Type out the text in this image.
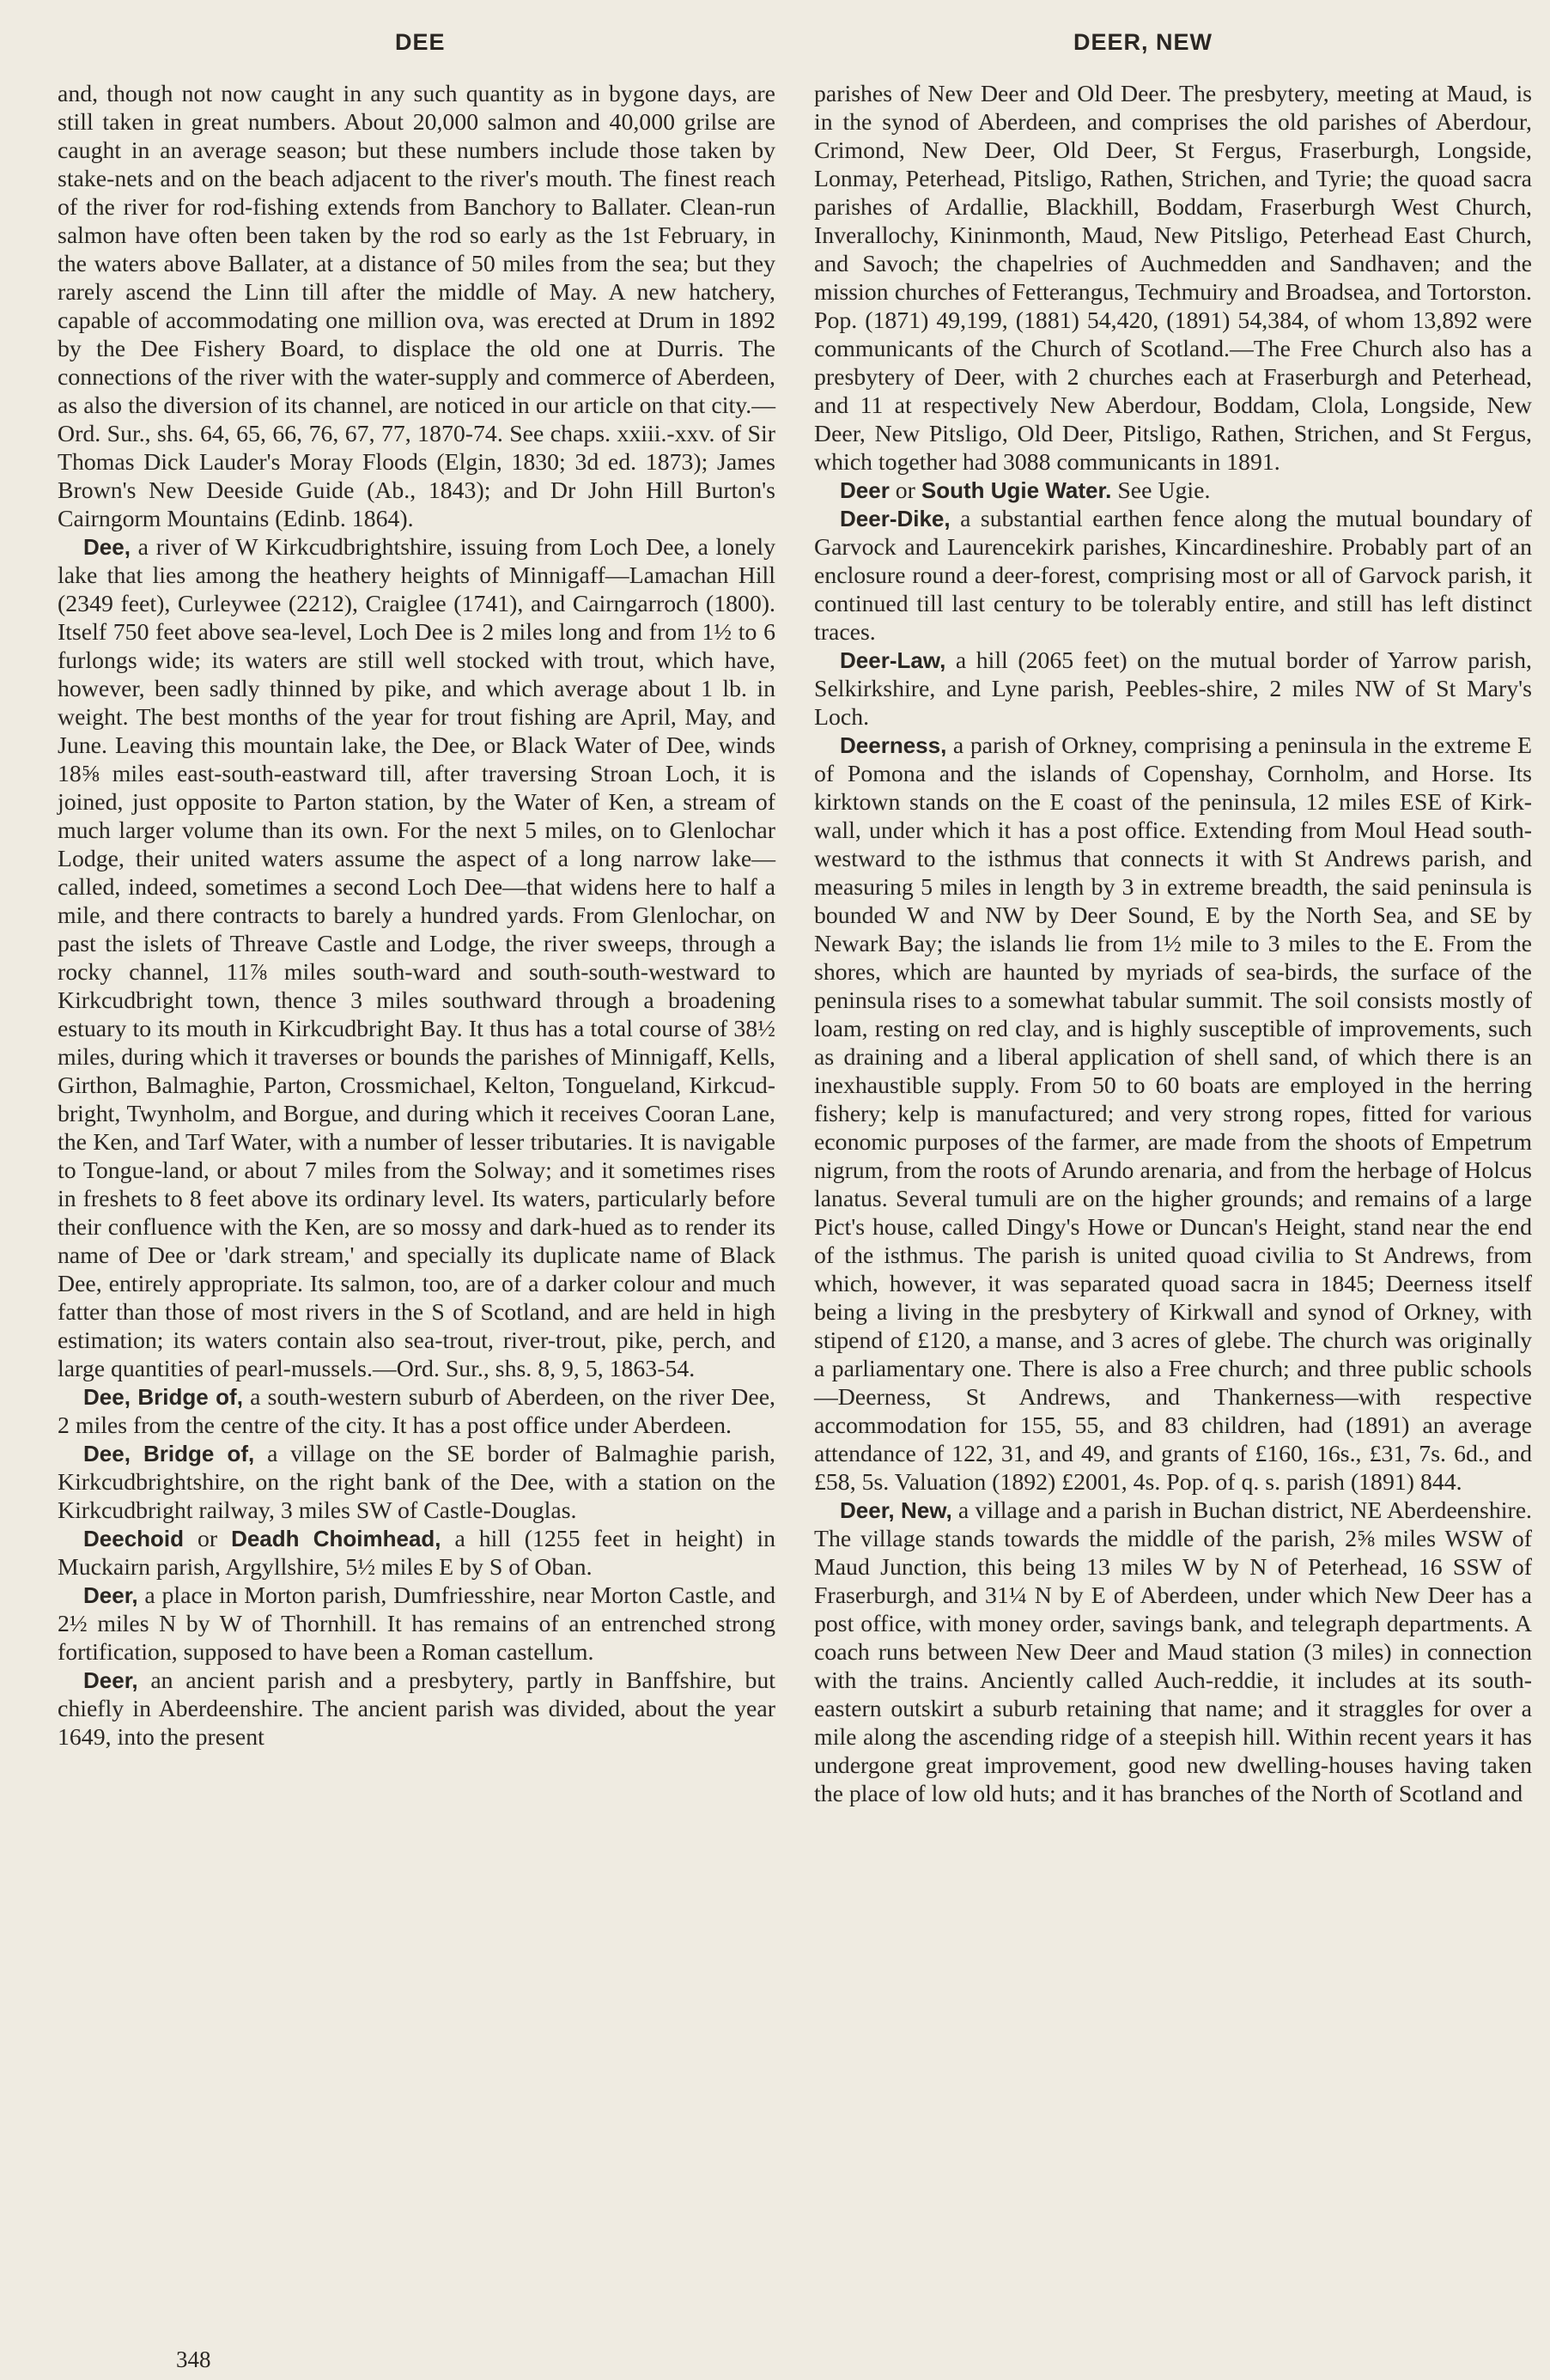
DEE	DEER, NEW

and, though not now caught in any such quantity as in bygone days, are still taken in great numbers. About 20,000 salmon and 40,000 grilse are caught in an average season; but these numbers include those taken by stake-nets and on the beach adjacent to the river's mouth. The finest reach of the river for rod-fishing extends from Banchory to Ballater. Clean-run salmon have often been taken by the rod so early as the 1st February, in the waters above Ballater, at a distance of 50 miles from the sea; but they rarely ascend the Linn till after the middle of May. A new hatchery, capable of accommodating one million ova, was erected at Drum in 1892 by the Dee Fishery Board, to displace the old one at Durris. The connections of the river with the water-supply and commerce of Aberdeen, as also the diversion of its channel, are noticed in our article on that city.— Ord. Sur., shs. 64, 65, 66, 76, 67, 77, 1870-74. See chaps. xxiii.-xxv. of Sir Thomas Dick Lauder's Moray Floods (Elgin, 1830; 3d ed. 1873); James Brown's New Deeside Guide (Ab., 1843); and Dr John Hill Burton's Cairngorm Mountains (Edinb. 1864).

Dee, a river of W Kirkcudbrightshire, issuing from Loch Dee, a lonely lake that lies among the heathery heights of Minnigaff—Lamachan Hill (2349 feet), Curleywee (2212), Craiglee (1741), and Cairngarroch (1800). Itself 750 feet above sea-level, Loch Dee is 2 miles long and from 1½ to 6 furlongs wide; its waters are still well stocked with trout, which have, however, been sadly thinned by pike, and which average about 1 lb. in weight. The best months of the year for trout fishing are April, May, and June. Leaving this mountain lake, the Dee, or Black Water of Dee, winds 18⅝ miles east-south-eastward till, after traversing Stroan Loch, it is joined, just opposite to Parton station, by the Water of Ken, a stream of much larger volume than its own. For the next 5 miles, on to Glenlochar Lodge, their united waters assume the aspect of a long narrow lake—called, indeed, sometimes a second Loch Dee—that widens here to half a mile, and there contracts to barely a hundred yards. From Glenlochar, on past the islets of Threave Castle and Lodge, the river sweeps, through a rocky channel, 11⅞ miles south-ward and south-south-westward to Kirkcudbright town, thence 3 miles southward through a broadening estuary to its mouth in Kirkcudbright Bay. It thus has a total course of 38½ miles, during which it traverses or bounds the parishes of Minnigaff, Kells, Girthon, Balmaghie, Parton, Crossmichael, Kelton, Tongueland, Kirkcud-bright, Twynholm, and Borgue, and during which it receives Cooran Lane, the Ken, and Tarf Water, with a number of lesser tributaries. It is navigable to Tongue-land, or about 7 miles from the Solway; and it sometimes rises in freshets to 8 feet above its ordinary level. Its waters, particularly before their confluence with the Ken, are so mossy and dark-hued as to render its name of Dee or 'dark stream,' and specially its duplicate name of Black Dee, entirely appropriate. Its salmon, too, are of a darker colour and much fatter than those of most rivers in the S of Scotland, and are held in high estimation; its waters contain also sea-trout, river-trout, pike, perch, and large quantities of pearl-mussels.—Ord. Sur., shs. 8, 9, 5, 1863-54.

Dee, Bridge of, a south-western suburb of Aberdeen, on the river Dee, 2 miles from the centre of the city. It has a post office under Aberdeen.

Dee, Bridge of, a village on the SE border of Balmaghie parish, Kirkcudbrightshire, on the right bank of the Dee, with a station on the Kirkcudbright railway, 3 miles SW of Castle-Douglas.

Deechoid or Deadh Choimhead, a hill (1255 feet in height) in Muckairn parish, Argyllshire, 5½ miles E by S of Oban.

Deer, a place in Morton parish, Dumfriesshire, near Morton Castle, and 2½ miles N by W of Thornhill. It has remains of an entrenched strong fortification, supposed to have been a Roman castellum.

Deer, an ancient parish and a presbytery, partly in Banffshire, but chiefly in Aberdeenshire. The ancient parish was divided, about the year 1649, into the present

parishes of New Deer and Old Deer. The presbytery, meeting at Maud, is in the synod of Aberdeen, and comprises the old parishes of Aberdour, Crimond, New Deer, Old Deer, St Fergus, Fraserburgh, Longside, Lonmay, Peterhead, Pitsligo, Rathen, Strichen, and Tyrie; the quoad sacra parishes of Ardallie, Blackhill, Boddam, Fraserburgh West Church, Inverallochy, Kininmonth, Maud, New Pitsligo, Peterhead East Church, and Savoch; the chapelries of Auchmedden and Sandhaven; and the mission churches of Fetterangus, Techmuiry and Broadsea, and Tortorston. Pop. (1871) 49,199, (1881) 54,420, (1891) 54,384, of whom 13,892 were communicants of the Church of Scotland.—The Free Church also has a presbytery of Deer, with 2 churches each at Fraserburgh and Peterhead, and 11 at respectively New Aberdour, Boddam, Clola, Longside, New Deer, New Pitsligo, Old Deer, Pitsligo, Rathen, Strichen, and St Fergus, which together had 3088 communicants in 1891.

Deer or South Ugie Water. See Ugie.

Deer-Dike, a substantial earthen fence along the mutual boundary of Garvock and Laurencekirk parishes, Kincardineshire. Probably part of an enclosure round a deer-forest, comprising most or all of Garvock parish, it continued till last century to be tolerably entire, and still has left distinct traces.

Deer-Law, a hill (2065 feet) on the mutual border of Yarrow parish, Selkirkshire, and Lyne parish, Peebles-shire, 2 miles NW of St Mary's Loch.

Deerness, a parish of Orkney, comprising a peninsula in the extreme E of Pomona and the islands of Copenshay, Cornholm, and Horse. Its kirktown stands on the E coast of the peninsula, 12 miles ESE of Kirk-wall, under which it has a post office. Extending from Moul Head south-westward to the isthmus that connects it with St Andrews parish, and measuring 5 miles in length by 3 in extreme breadth, the said peninsula is bounded W and NW by Deer Sound, E by the North Sea, and SE by Newark Bay; the islands lie from 1½ mile to 3 miles to the E. From the shores, which are haunted by myriads of sea-birds, the surface of the peninsula rises to a somewhat tabular summit. The soil consists mostly of loam, resting on red clay, and is highly susceptible of improvements, such as draining and a liberal application of shell sand, of which there is an inexhaustible supply. From 50 to 60 boats are employed in the herring fishery; kelp is manufactured; and very strong ropes, fitted for various economic purposes of the farmer, are made from the shoots of Empetrum nigrum, from the roots of Arundo arenaria, and from the herbage of Holcus lanatus. Several tumuli are on the higher grounds; and remains of a large Pict's house, called Dingy's Howe or Duncan's Height, stand near the end of the isthmus. The parish is united quoad civilia to St Andrews, from which, however, it was separated quoad sacra in 1845; Deerness itself being a living in the presbytery of Kirkwall and synod of Orkney, with stipend of £120, a manse, and 3 acres of glebe. The church was originally a parliamentary one. There is also a Free church; and three public schools—Deerness, St Andrews, and Thankerness—with respective accommodation for 155, 55, and 83 children, had (1891) an average attendance of 122, 31, and 49, and grants of £160, 16s., £31, 7s. 6d., and £58, 5s. Valuation (1892) £2001, 4s. Pop. of q. s. parish (1891) 844.

Deer, New, a village and a parish in Buchan district, NE Aberdeenshire. The village stands towards the middle of the parish, 2⅝ miles WSW of Maud Junction, this being 13 miles W by N of Peterhead, 16 SSW of Fraserburgh, and 31¼ N by E of Aberdeen, under which New Deer has a post office, with money order, savings bank, and telegraph departments. A coach runs between New Deer and Maud station (3 miles) in connection with the trains. Anciently called Auch-reddie, it includes at its south-eastern outskirt a suburb retaining that name; and it straggles for over a mile along the ascending ridge of a steepish hill. Within recent years it has undergone great improvement, good new dwelling-houses having taken the place of low old huts; and it has branches of the North of Scotland and

348
